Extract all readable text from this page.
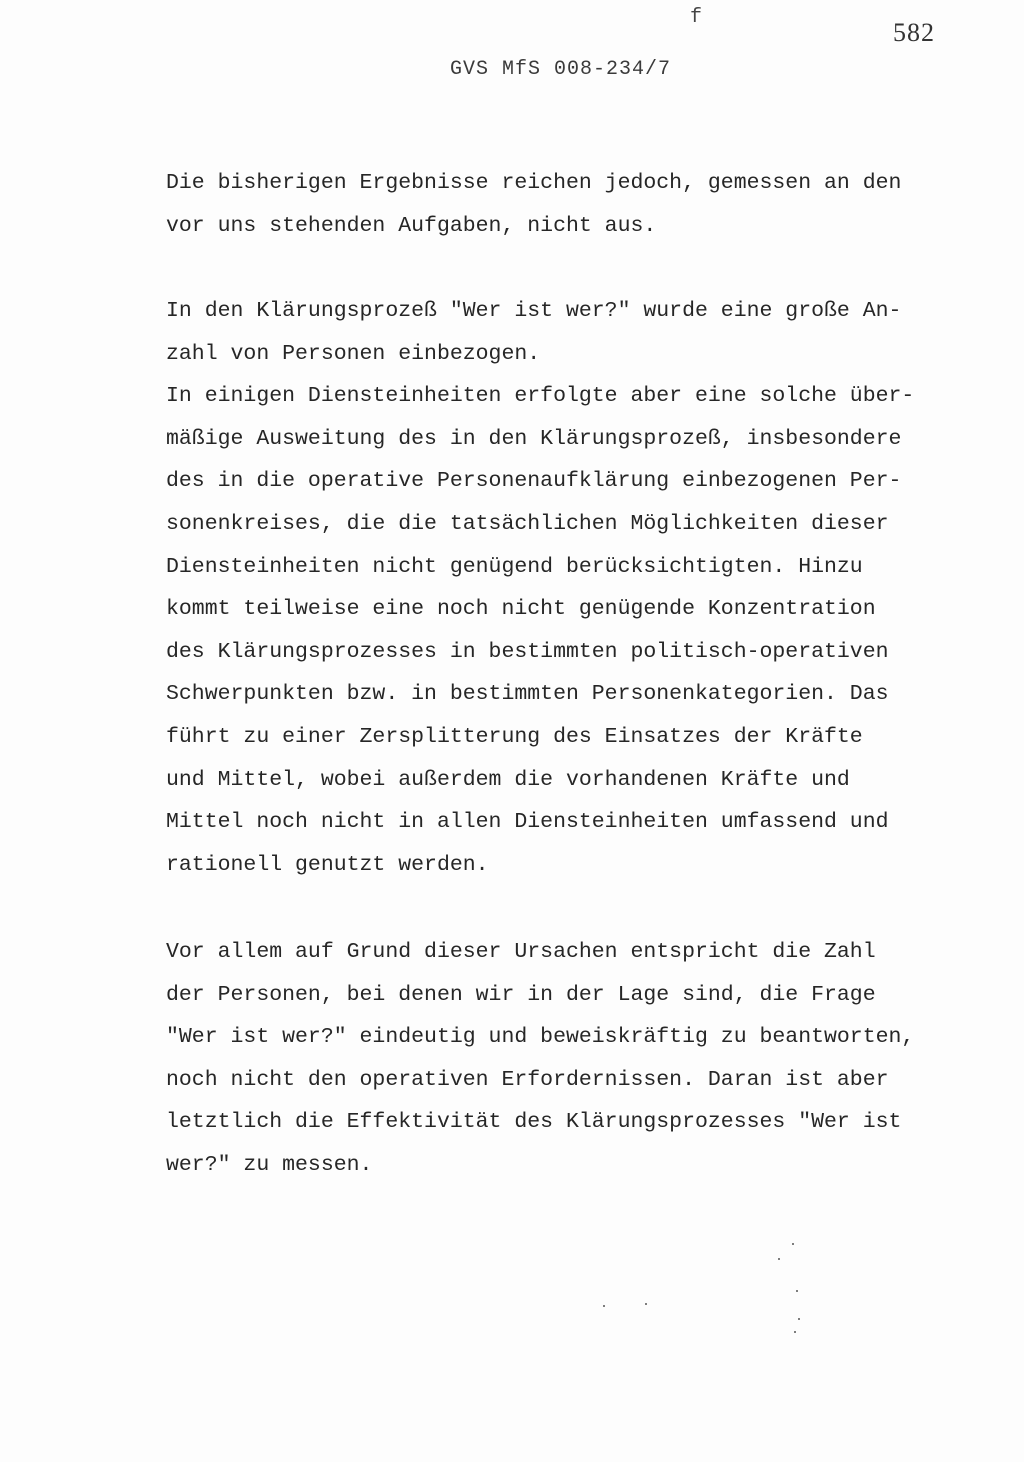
f
582
GVS MfS 008-234/7
Die bisherigen Ergebnisse reichen jedoch, gemessen an den
vor uns stehenden Aufgaben, nicht aus.
In den Klärungsprozeß "Wer ist wer?" wurde eine große An-
zahl von Personen einbezogen.
In einigen Diensteinheiten erfolgte aber eine solche über-
mäßige Ausweitung des in den Klärungsprozeß, insbesondere
des in die operative Personenaufklärung einbezogenen Per-
sonenkreises, die die tatsächlichen Möglichkeiten dieser
Diensteinheiten nicht genügend berücksichtigten. Hinzu
kommt teilweise eine noch nicht genügende Konzentration
des Klärungsprozesses in bestimmten politisch-operativen
Schwerpunkten bzw. in bestimmten Personenkategorien. Das
führt zu einer Zersplitterung des Einsatzes der Kräfte
und Mittel, wobei außerdem die vorhandenen Kräfte und
Mittel noch nicht in allen Diensteinheiten umfassend und
rationell genutzt werden.
Vor allem auf Grund dieser Ursachen entspricht die Zahl
der Personen, bei denen wir in der Lage sind, die Frage
"Wer ist wer?" eindeutig und beweiskräftig zu beantworten,
noch nicht den operativen Erfordernissen. Daran ist aber
letztlich die Effektivität des Klärungsprozesses "Wer ist
wer?" zu messen.
